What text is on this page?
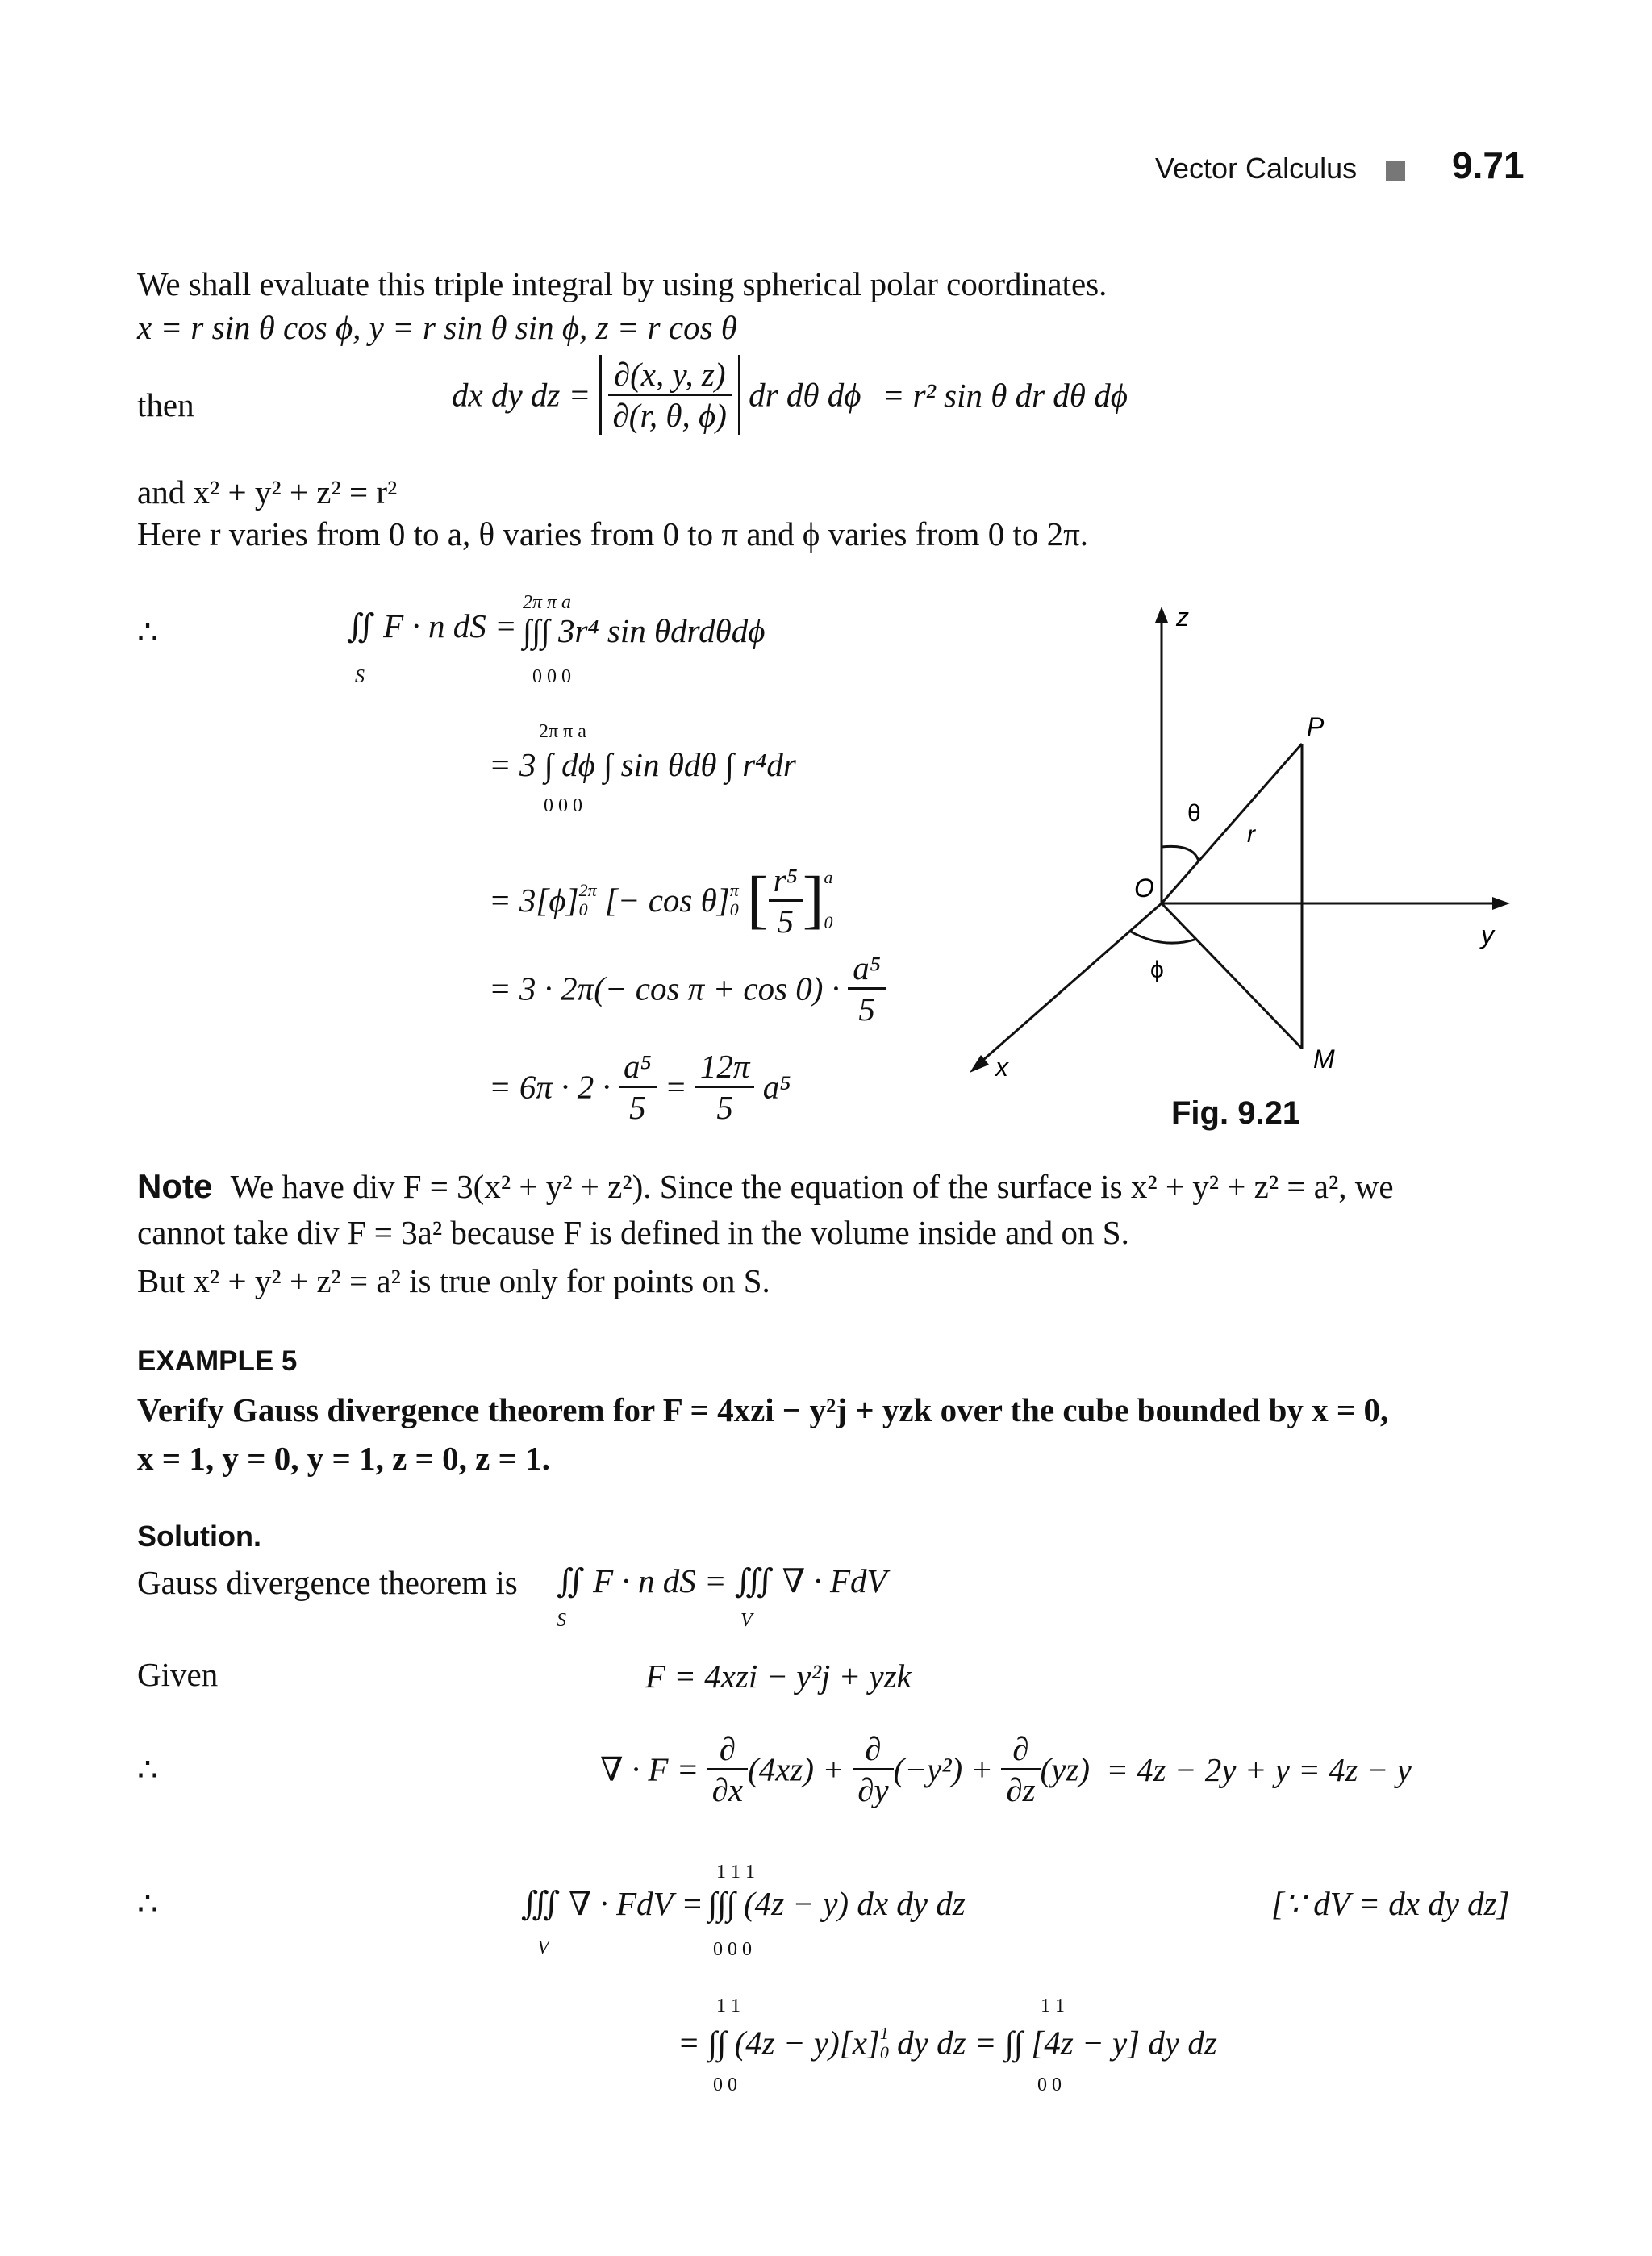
Vector Calculus	9.71
We shall evaluate this triple integral by using spherical polar coordinates.
x = r sin θ cos ϕ, y = r sin θ sin ϕ, z = r cos θ
then	dx dy dz = $\frac{\partial(x, y, z)}{\partial(r, \theta, \phi)}$ dr dθ dϕ = r² sin θ dr dθ dϕ
and x² + y² + z² = r²
Here r varies from 0 to a, θ varies from 0 to π and ϕ varies from 0 to 2π.
∴	∬ F · n dS =
S
2π π a
∫∫∫ 3r⁴ sin θdrdθdϕ
0 0 0
2π π a
= 3 ∫ dϕ ∫ sin θdθ ∫ r⁴dr
0 0 0
= 3[ϕ] 2π
0 [− cos θ] π
0 [ $\frac{\text{r⁵}}{5}$ ] a
0
= $3 \cdot 2\pi(- \cos \pi + \cos 0) \cdot \frac{\text{a⁵}}{5}$
= $6\pi \cdot 2 \cdot \frac{\text{a⁵}}{5} = \frac{12\pi}{5} a^5$
z
y
x
O
P
M
θ
ϕ
r
Fig. 9.21
Note We have div F = 3(x² + y² + z²). Since the equation of the surface is x² + y² + z² = a², we
cannot take div F = 3a² because F is defined in the volume inside and on S.
But x² + y² + z² = a² is true only for points on S.
EXAMPLE 5
Verify Gauss divergence theorem for F = 4xzi − y²j + yzk over the cube bounded by x = 0,
x = 1, y = 0, y = 1, z = 0, z = 1.
Solution.
Gauss divergence theorem is ∬ F · n dS = ∭ ∇ · FdV
S	V
Given	F = 4xzi − y²j + yzk
∴	∇ · $F = \frac{\partial}{\partial x} (4xz) + \frac{\partial}{\partial y} (-y^2) + \frac{\partial}{\partial z} (yz) = 4z - 2y + y = 4z - y$
∴	∭ ∇ · FdV =
V
1 1 1
∫∫∫ (4z − y) dx dy dz
0 0 0
[∵ dV = dx dy dz]
1 1	1 1
= ∫∫ (4z − y)[x] 1
0 dy dz = ∫∫ [4z − y] dy dz
0 0	0 0
